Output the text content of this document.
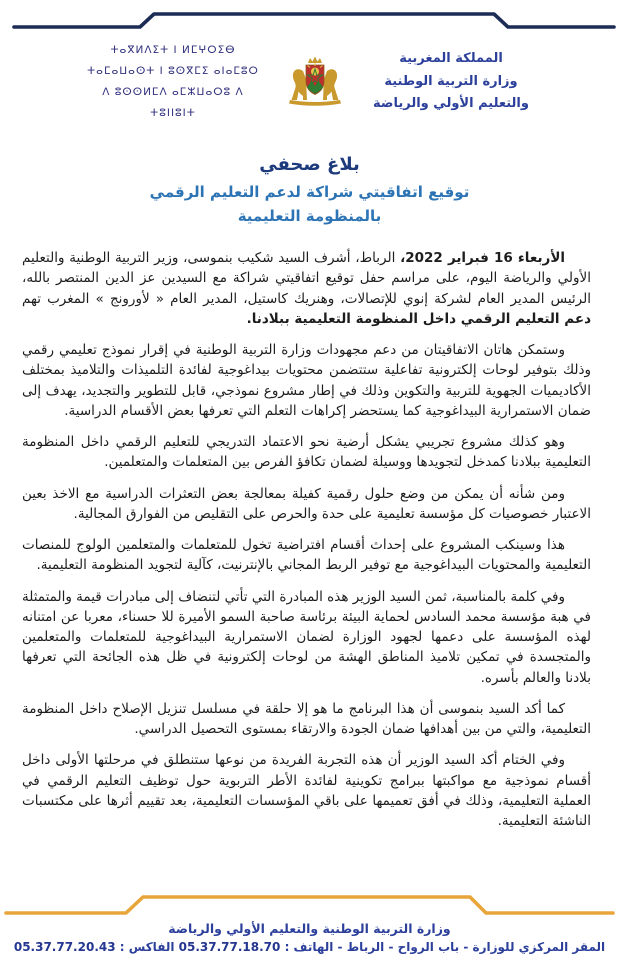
المملكة المغربية
وزارة التربية الوطنية
والتعليم الأولي والرياضة
ⵜⴰⴳⵍⴷⵉⵜ ⵏ ⵍⵎⵖⵔⵉⴱ
ⵜⴰⵎⴰⵡⴰⵙⵜ ⵏ ⵓⵙⴳⵎⵉ ⴰⵏⴰⵎⵓⵔ
ⴷ ⵓⵙⵙⵍⵎⴷ ⴰⵎⵣⵡⴰⵔⵓ ⴷ ⵜⵓⵏⵏⵓⵏⵜ
بلاغ صحفي
توقيع اتفاقيتي شراكة لدعم التعليم الرقمي
بالمنظومة التعليمية

الأربعاء 16 فبراير 2022، الرباط، أشرف السيد شكيب بنموسى، وزير التربية الوطنية والتعليم الأولي والرياضة اليوم، على مراسم حفل توقيع اتفاقيتي شراكة مع السيدين عز الدين المنتصر بالله، الرئيس المدير العام لشركة إنوي للإتصالات، وهنريك كاستيل، المدير العام « لأورونج » المغرب تهم دعم التعليم الرقمي داخل المنظومة التعليمية ببلادنا.

وستمكن هاتان الاتفاقيتان من دعم مجهودات وزارة التربية الوطنية في إقرار نموذج تعليمي رقمي وذلك بتوفير لوحات إلكترونية تفاعلية ستتضمن محتويات بيداغوجية لفائدة التلميذات والتلاميذ بمختلف الأكاديميات الجهوية للتربية والتكوين وذلك في إطار مشروع نموذجي، قابل للتطوير والتجديد، يهدف إلى ضمان الاستمرارية البيداغوجية كما يستحضر إكراهات التعلم التي تعرفها بعض الأقسام الدراسية.

وهو كذلك مشروع تجريبي يشكل أرضية نحو الاعتماد التدريجي للتعليم الرقمي داخل المنظومة التعليمية ببلادنا كمدخل لتجويدها ووسيلة لضمان تكافؤ الفرص بين المتعلمات والمتعلمين.

ومن شأنه أن يمكن من وضع حلول رقمية كفيلة بمعالجة بعض التعثرات الدراسية مع الاخذ بعين الاعتبار خصوصيات كل مؤسسة تعليمية على حدة والحرص على التقليص من الفوارق المجالية.

هذا وسينكب المشروع على إحداث أقسام افتراضية تخول للمتعلمات والمتعلمين الولوج للمنصات التعليمية والمحتويات البيداغوجية مع توفير الربط المجاني بالإنترنيت، كآلية لتجويد المنظومة التعليمية.

وفي كلمة بالمناسبة، ثمن السيد الوزير هذه المبادرة التي تأتي لتنضاف إلى مبادرات قيمة والمتمثلة في هبة مؤسسة محمد السادس لحماية البيئة برئاسة صاحبة السمو الأميرة للا حسناء، معربا عن امتنانه لهذه المؤسسة على دعمها لجهود الوزارة لضمان الاستمرارية البيداغوجية للمتعلمات والمتعلمين والمتجسدة في تمكين تلاميذ المناطق الهشة من لوحات إلكترونية في ظل هذه الجائحة التي تعرفها بلادنا والعالم بأسره.

كما أكد السيد بنموسى أن هذا البرنامج ما هو إلا حلقة في مسلسل تنزيل الإصلاح داخل المنظومة التعليمية، والتي من بين أهدافها ضمان الجودة والارتقاء بمستوى التحصيل الدراسي.

وفي الختام أكد السيد الوزير أن هذه التجربة الفريدة من نوعها ستنطلق في مرحلتها الأولى داخل أقسام نموذجية مع مواكبتها ببرامج تكوينية لفائدة الأطر التربوية حول توظيف التعليم الرقمي في العملية التعليمية، وذلك في أفق تعميمها على باقي المؤسسات التعليمية، بعد تقييم أثرها على مكتسبات الناشئة التعليمية.

وزارة التربية الوطنية والتعليم الأولي والرياضة
المقر المركزي للوزارة - باب الرواح - الرباط - الهاتف : 05.37.77.18.70 الفاكس : 05.37.77.20.43
